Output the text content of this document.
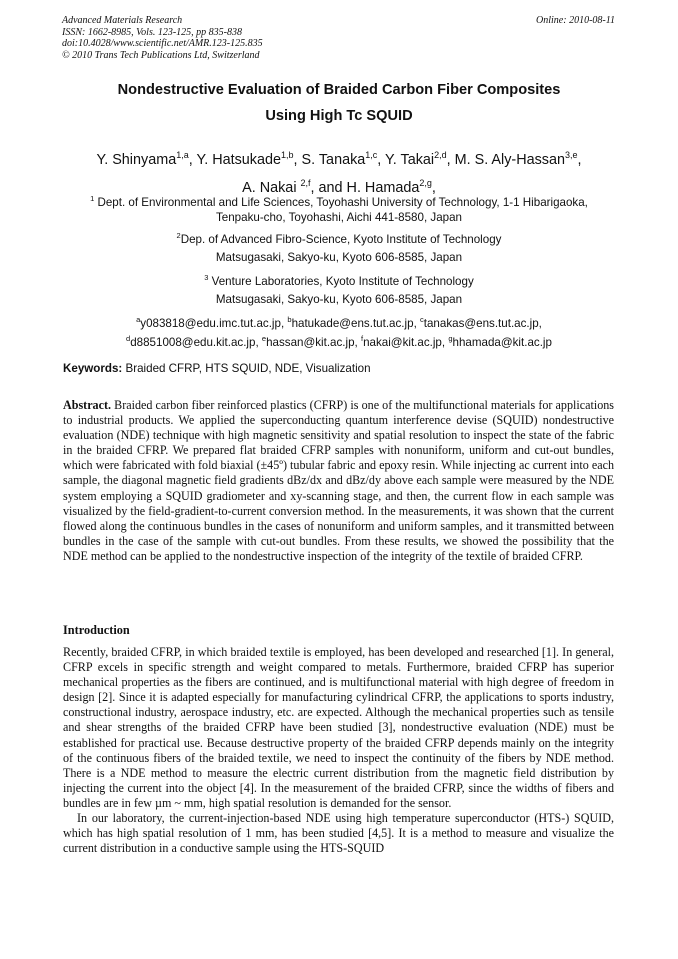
Advanced Materials Research
ISSN: 1662-8985, Vols. 123-125, pp 835-838
doi:10.4028/www.scientific.net/AMR.123-125.835
© 2010 Trans Tech Publications Ltd, Switzerland
Online: 2010-08-11
Nondestructive Evaluation of Braided Carbon Fiber Composites
Using High Tc SQUID
Y. Shinyama$^{1,a}$, Y. Hatsukade$^{1,b}$, S. Tanaka$^{1,c}$, Y. Takai$^{2,d}$, M. S. Aly-Hassan$^{3,e}$,
A. Nakai $^{2,f}$, and H. Hamada$^{2,g}$,
$^1$ Dept. of Environmental and Life Sciences, Toyohashi University of Technology, 1-1 Hibarigaoka,
Tenpaku-cho, Toyohashi, Aichi 441-8580, Japan
$^2$Dep. of Advanced Fibro-Science, Kyoto Institute of Technology
Matsugasaki, Sakyo-ku, Kyoto 606-8585, Japan
$^3$ Venture Laboratories, Kyoto Institute of Technology
Matsugasaki, Sakyo-ku, Kyoto 606-8585, Japan
$^a$y083818@edu.imc.tut.ac.jp, $^b$hatukade@ens.tut.ac.jp, $^c$tanakas@ens.tut.ac.jp,
$^d$d8851008@edu.kit.ac.jp, $^e$hassan@kit.ac.jp, $^f$nakai@kit.ac.jp, $^g$hhamada@kit.ac.jp
Keywords: Braided CFRP, HTS SQUID, NDE, Visualization
Abstract. Braided carbon fiber reinforced plastics (CFRP) is one of the multifunctional materials for applications to industrial products. We applied the superconducting quantum interference devise (SQUID) nondestructive evaluation (NDE) technique with high magnetic sensitivity and spatial resolution to inspect the state of the fabric in the braided CFRP. We prepared flat braided CFRP samples with nonuniform, uniform and cut-out bundles, which were fabricated with fold biaxial (±45º) tubular fabric and epoxy resin. While injecting ac current into each sample, the diagonal magnetic field gradients dBz/dx and dBz/dy above each sample were measured by the NDE system employing a SQUID gradiometer and xy-scanning stage, and then, the current flow in each sample was visualized by the field-gradient-to-current conversion method. In the measurements, it was shown that the current flowed along the continuous bundles in the cases of nonuniform and uniform samples, and it transmitted between bundles in the case of the sample with cut-out bundles. From these results, we showed the possibility that the NDE method can be applied to the nondestructive inspection of the integrity of the textile of braided CFRP.
Introduction

Recently, braided CFRP, in which braided textile is employed, has been developed and researched [1]. In general, CFRP excels in specific strength and weight compared to metals. Furthermore, braided CFRP has superior mechanical properties as the fibers are continued, and is multifunctional material with high degree of freedom in design [2]. Since it is adapted especially for manufacturing cylindrical CFRP, the applications to sports industry, constructional industry, aerospace industry, etc. are expected. Although the mechanical properties such as tensile and shear strengths of the braided CFRP have been studied [3], nondestructive evaluation (NDE) must be established for practical use. Because destructive property of the braided CFRP depends mainly on the integrity of the continuous fibers of the braided textile, we need to inspect the continuity of the fibers by NDE method. There is a NDE method to measure the electric current distribution from the magnetic field distribution by injecting the current into the object [4]. In the measurement of the braided CFRP, since the widths of fibers and bundles are in few µm ~ mm, high spatial resolution is demanded for the sensor.

In our laboratory, the current-injection-based NDE using high temperature superconductor (HTS-) SQUID, which has high spatial resolution of 1 mm, has been studied [4,5]. It is a method to measure and visualize the current distribution in a conductive sample using the HTS-SQUID
